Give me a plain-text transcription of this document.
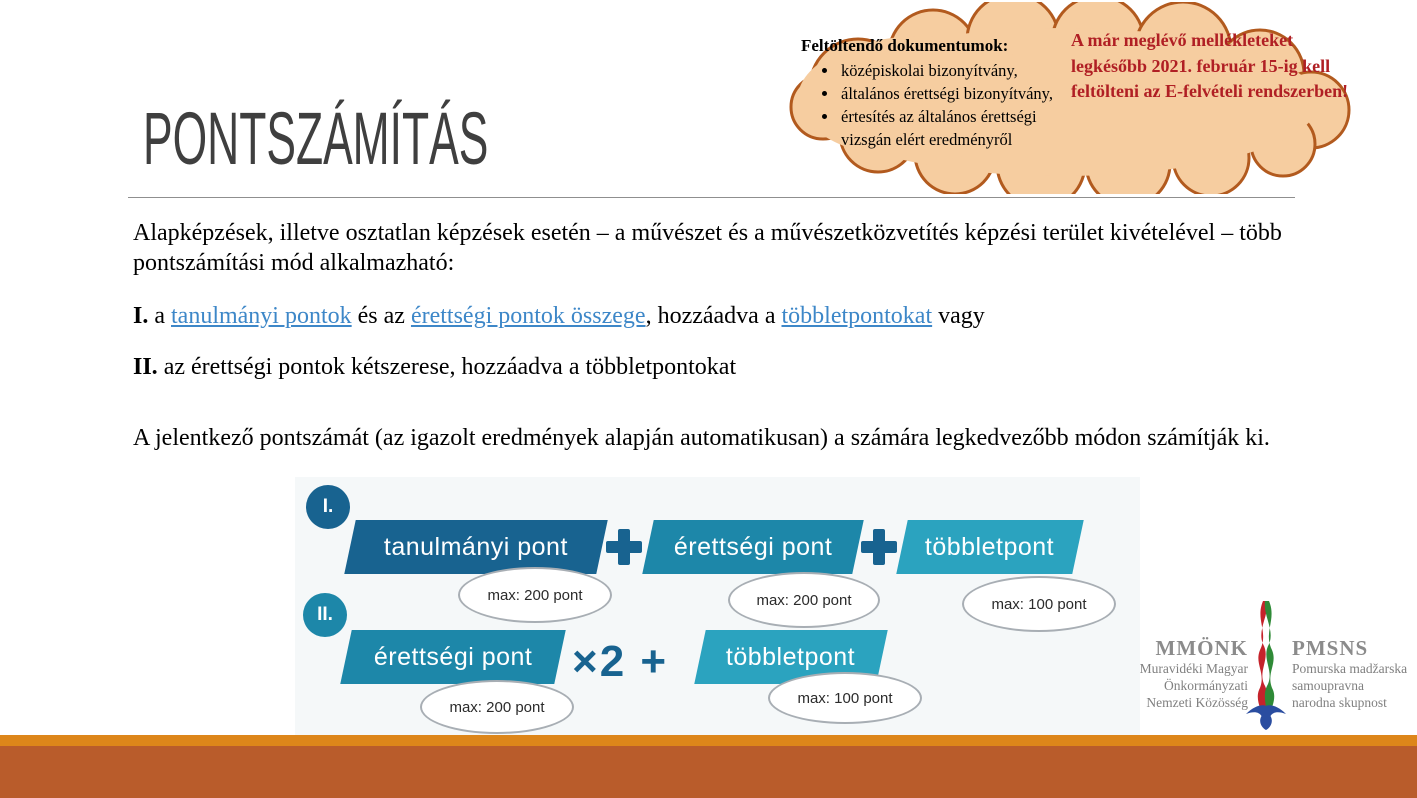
Feltöltendő dokumentumok:
• középiskolai bizonyítvány,
• általános érettségi bizonyítvány,
• értesítés az általános érettségi vizsgán elért eredményről
A már meglévő mellékleteket legkésőbb 2021. február 15-ig kell feltölteni az E-felvételi rendszerben!
PONTSZÁMÍTÁS
Alapképzések, illetve osztatlan képzések esetén – a művészet és a művészetközvetítés képzési terület kivételével – több pontszámítási mód alkalmazható:
I. a tanulmányi pontok és az érettségi pontok összege, hozzáadva a többletpontokat vagy
II. az érettségi pontok kétszerese, hozzáadva a többletpontokat
A jelentkező pontszámát (az igazolt eredmények alapján automatikusan) a számára legkedvezőbb módon számítják ki.
I.
tanulmányi pont	érettségi pont	többletpont
max: 200 pont	max: 200 pont	max: 100 pont
II.
érettségi pont ×2 + többletpont
max: 200 pont
max: 100 pont
MMÖNK
Muravidéki Magyar
Önkormányzati
Nemzeti Közösség
PMSNS
Pomurska madžarska
samoupravna
narodna skupnost
